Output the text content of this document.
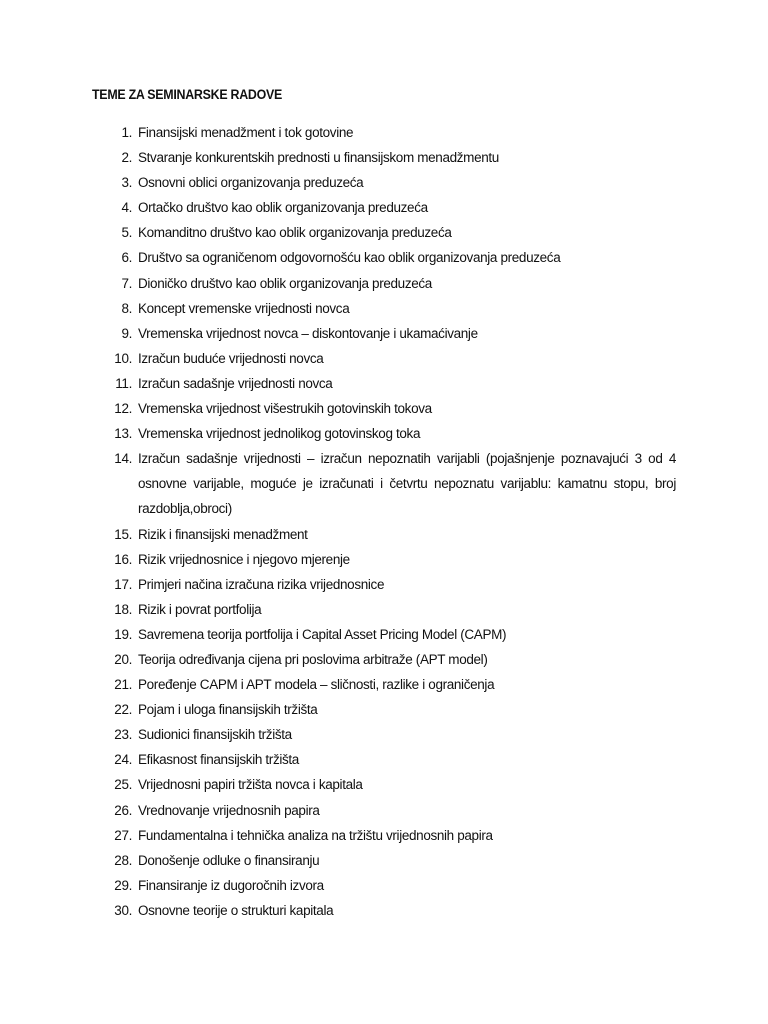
TEME ZA SEMINARSKE RADOVE
1. Finansijski menadžment i tok gotovine
2. Stvaranje konkurentskih prednosti u finansijskom menadžmentu
3. Osnovni oblici organizovanja preduzeća
4. Ortačko društvo kao oblik organizovanja preduzeća
5. Komanditno društvo kao oblik organizovanja preduzeća
6. Društvo sa ograničenom odgovornošću kao oblik organizovanja preduzeća
7. Dioničko društvo kao oblik organizovanja preduzeća
8. Koncept vremenske vrijednosti novca
9. Vremenska vrijednost novca – diskontovanje i ukamaćivanje
10. Izračun buduće vrijednosti novca
11. Izračun sadašnje vrijednosti novca
12. Vremenska vrijednost višestrukih gotovinskih tokova
13. Vremenska vrijednost jednolikog gotovinskog toka
14. Izračun sadašnje vrijednosti – izračun nepoznatih varijabli (pojašnjenje poznavajući 3 od 4 osnovne varijable, moguće je izračunati i četvrtu nepoznatu varijablu: kamatnu stopu, broj razdoblja,obroci)
15. Rizik i finansijski menadžment
16. Rizik vrijednosnice i njegovo mjerenje
17. Primjeri načina izračuna rizika vrijednosnice
18. Rizik i povrat portfolija
19. Savremena teorija portfolija i Capital Asset Pricing Model (CAPM)
20. Teorija određivanja cijena pri poslovima arbitraže (APT model)
21. Poređenje CAPM i APT modela – sličnosti, razlike i ograničenja
22. Pojam i uloga finansijskih tržišta
23. Sudionici finansijskih tržišta
24. Efikasnost finansijskih tržišta
25. Vrijednosni papiri tržišta novca i kapitala
26. Vrednovanje vrijednosnih papira
27. Fundamentalna i tehnička analiza na tržištu vrijednosnih papira
28. Donošenje odluke o finansiranju
29. Finansiranje iz dugoročnih izvora
30. Osnovne teorije o strukturi kapitala
